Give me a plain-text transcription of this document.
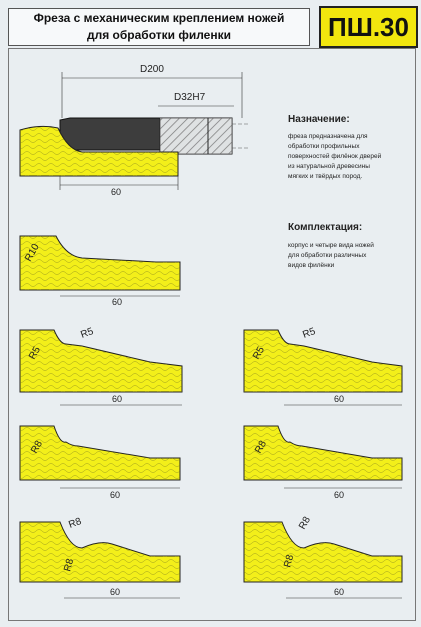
Фреза с механическим креплением ножей
для обработки филенки	ПШ.30
Назначение:
фреза предназначена для
обработки профильных
поверхностей филёнок дверей
из натуральной древесины
мягких и твёрдых пород.
Комплектация:
корпус и четыре вида ножей
для обработки различных
видов филёнки
D200
D32H7
60
R10
60
R5
R5
60
R5
R5
60
R8
60
R8
60
R8
R8
60
R8
R8
60
